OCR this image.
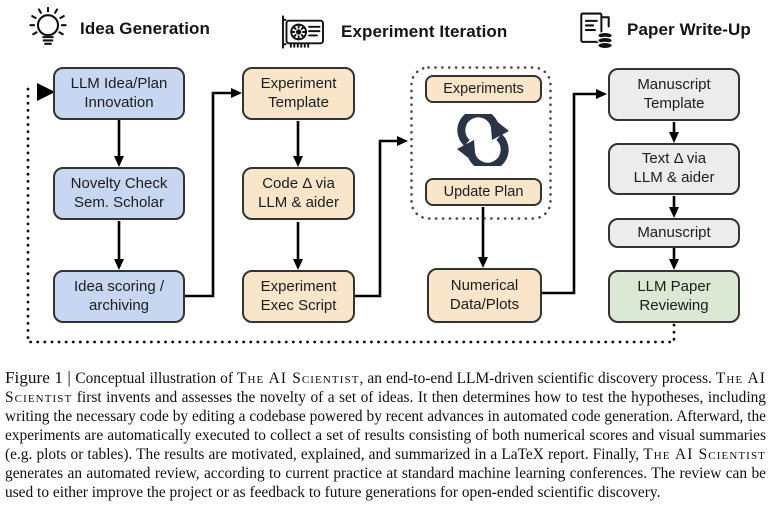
Idea Generation	Experiment Iteration	Paper Write-Up
LLM Idea/Plan
Innovation
Novelty Check
Sem. Scholar
Idea scoring /
archiving
Experiment
Template
Code Δ via
LLM & aider
Experiment
Exec Script
Experiments
Update Plan
Numerical
Data/Plots
Manuscript
Template
Text Δ via
LLM & aider
Manuscript
LLM Paper
Reviewing

Figure 1 | Conceptual illustration of The AI Scientist, an end-to-end LLM-driven scientific discovery process. The AI Scientist first invents and assesses the novelty of a set of ideas. It then determines how to test the hypotheses, including writing the necessary code by editing a codebase powered by recent advances in automated code generation. Afterward, the experiments are automatically executed to collect a set of results consisting of both numerical scores and visual summaries (e.g. plots or tables). The results are motivated, explained, and summarized in a LaTeX report. Finally, The AI Scientist generates an automated review, according to current practice at standard machine learning conferences. The review can be used to either improve the project or as feedback to future generations for open-ended scientific discovery.
